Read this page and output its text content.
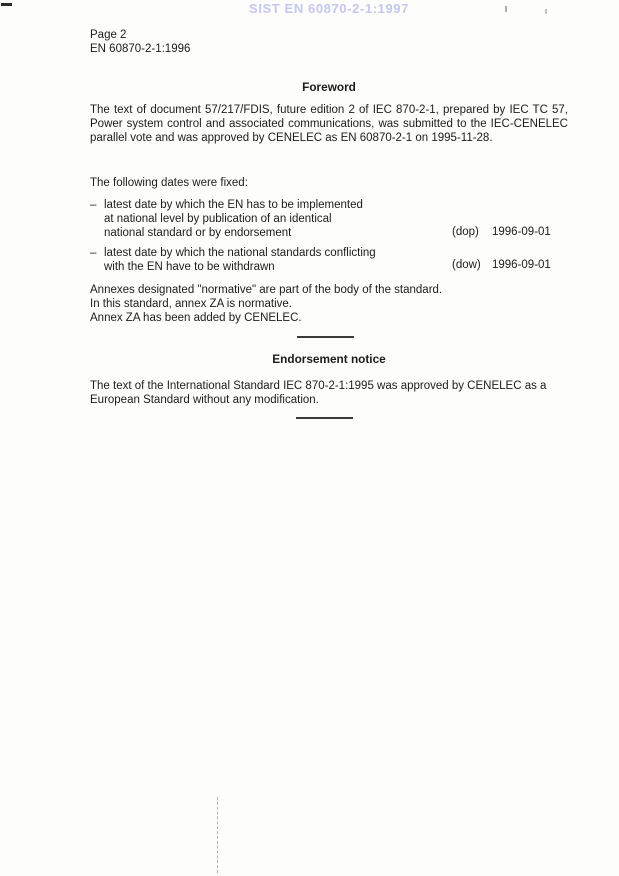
SIST EN 60870-2-1:1997
Page 2
EN 60870-2-1:1996
Foreword
The text of document 57/217/FDIS, future edition 2 of IEC 870-2-1, prepared by IEC TC 57, Power system control and associated communications, was submitted to the IEC-CENELEC parallel vote and was approved by CENELEC as EN 60870-2-1 on 1995-11-28.
The following dates were fixed:
– latest date by which the EN has to be implemented
at national level by publication of an identical
national standard or by endorsement	(dop) 1996-09-01
– latest date by which the national standards conflicting
with the EN have to be withdrawn	(dow) 1996-09-01
Annexes designated "normative" are part of the body of the standard.
In this standard, annex ZA is normative.
Annex ZA has been added by CENELEC.
Endorsement notice
The text of the International Standard IEC 870-2-1:1995 was approved by CENELEC as a European Standard without any modification.
